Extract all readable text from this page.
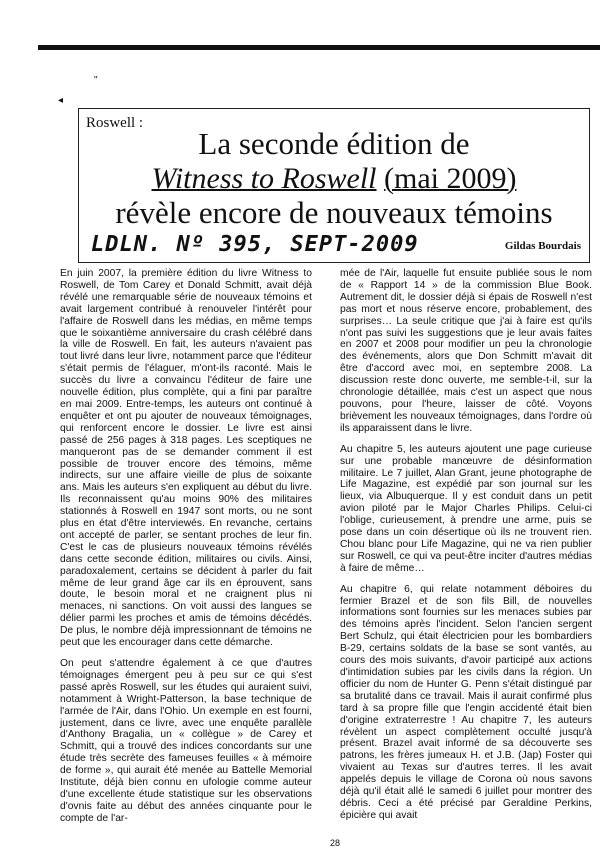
"
◂
Roswell :
La seconde édition de
Witness to Roswell (mai 2009)
révèle encore de nouveaux témoins
LDLN. Nº 395, SEPT-2009	Gildas Bourdais

En juin 2007, la première édition du livre Witness to Roswell, de Tom Carey et Donald Schmitt, avait déjà révélé une remarquable série de nouveaux témoins et avait largement contribué à renouveler l'intérêt pour l'affaire de Roswell dans les médias, en même temps que le soixantième anniversaire du crash célébré dans la ville de Roswell. En fait, les auteurs n'avaient pas tout livré dans leur livre, notamment parce que l'éditeur s'était permis de l'élaguer, m'ont-ils raconté. Mais le succès du livre a convaincu l'éditeur de faire une nouvelle édition, plus complète, qui a fini par paraître en mai 2009. Entre-temps, les auteurs ont continué à enquêter et ont pu ajouter de nouveaux témoignages, qui renforcent encore le dossier. Le livre est ainsi passé de 256 pages à 318 pages. Les sceptiques ne manqueront pas de se demander comment il est possible de trouver encore des témoins, même indirects, sur une affaire vieille de plus de soixante ans. Mais les auteurs s'en expliquent au début du livre. Ils reconnaissent qu'au moins 90% des militaires stationnés à Roswell en 1947 sont morts, ou ne sont plus en état d'être interviewés. En revanche, certains ont accepté de parler, se sentant proches de leur fin. C'est le cas de plusieurs nouveaux témoins révélés dans cette seconde édition, militaires ou civils. Ainsi, paradoxalement, certains se décident à parler du fait même de leur grand âge car ils en éprouvent, sans doute, le besoin moral et ne craignent plus ni menaces, ni sanctions. On voit aussi des langues se délier parmi les proches et amis de témoins décédés. De plus, le nombre déjà impressionnant de témoins ne peut que les encourager dans cette démarche.

On peut s'attendre également à ce que d'autres témoignages émergent peu à peu sur ce qui s'est passé après Roswell, sur les études qui auraient suivi, notamment à Wright-Patterson, la base technique de l'armée de l'Air, dans l'Ohio. Un exemple en est fourni, justement, dans ce livre, avec une enquête parallèle d'Anthony Bragalia, un « collègue » de Carey et Schmitt, qui a trouvé des indices concordants sur une étude très secrète des fameuses feuilles « à mémoire de forme », qui aurait été menée au Battelle Memorial Institute, déjà bien connu en ufologie comme auteur d'une excellente étude statistique sur les observations d'ovnis faite au début des années cinquante pour le compte de l'ar-

mée de l'Air, laquelle fut ensuite publiée sous le nom de « Rapport 14 » de la commission Blue Book. Autrement dit, le dossier déjà si épais de Roswell n'est pas mort et nous réserve encore, probablement, des surprises… La seule critique que j'ai à faire est qu'ils n'ont pas suivi les suggestions que je leur avais faites en 2007 et 2008 pour modifier un peu la chronologie des événements, alors que Don Schmitt m'avait dit être d'accord avec moi, en septembre 2008. La discussion reste donc ouverte, me semble-t-il, sur la chronologie détaillée, mais c'est un aspect que nous pouvons, pour l'heure, laisser de côté. Voyons brièvement les nouveaux témoignages, dans l'ordre où ils apparaissent dans le livre.

Au chapitre 5, les auteurs ajoutent une page curieuse sur une probable manœuvre de désinformation militaire. Le 7 juillet, Alan Grant, jeune photographe de Life Magazine, est expédié par son journal sur les lieux, via Albuquerque. Il y est conduit dans un petit avion piloté par le Major Charles Philips. Celui-ci l'oblige, curieusement, à prendre une arme, puis se pose dans un coin désertique où ils ne trouvent rien. Chou blanc pour Life Magazine, qui ne va rien publier sur Roswell, ce qui va peut-être inciter d'autres médias à faire de même…

Au chapitre 6, qui relate notamment déboires du fermier Brazel et de son fils Bill, de nouvelles informations sont fournies sur les menaces subies par des témoins après l'incident. Selon l'ancien sergent Bert Schulz, qui était électricien pour les bombardiers B-29, certains soldats de la base se sont vantés, au cours des mois suivants, d'avoir participé aux actions d'intimidation subies par les civils dans la région. Un officier du nom de Hunter G. Penn s'était distingué par sa brutalité dans ce travail. Mais il aurait confirmé plus tard à sa propre fille que l'engin accidenté était bien d'origine extraterrestre ! Au chapitre 7, les auteurs révèlent un aspect complètement occulté jusqu'à présent. Brazel avait informé de sa découverte ses patrons, les frères jumeaux H. et J.B. (Jap) Foster qui vivaient au Texas sur d'autres terres. Il les avait appelés depuis le village de Corona où nous savons déjà qu'il était allé le samedi 6 juillet pour montrer des débris. Ceci a été précisé par Geraldine Perkins, épicière qui avait

28
